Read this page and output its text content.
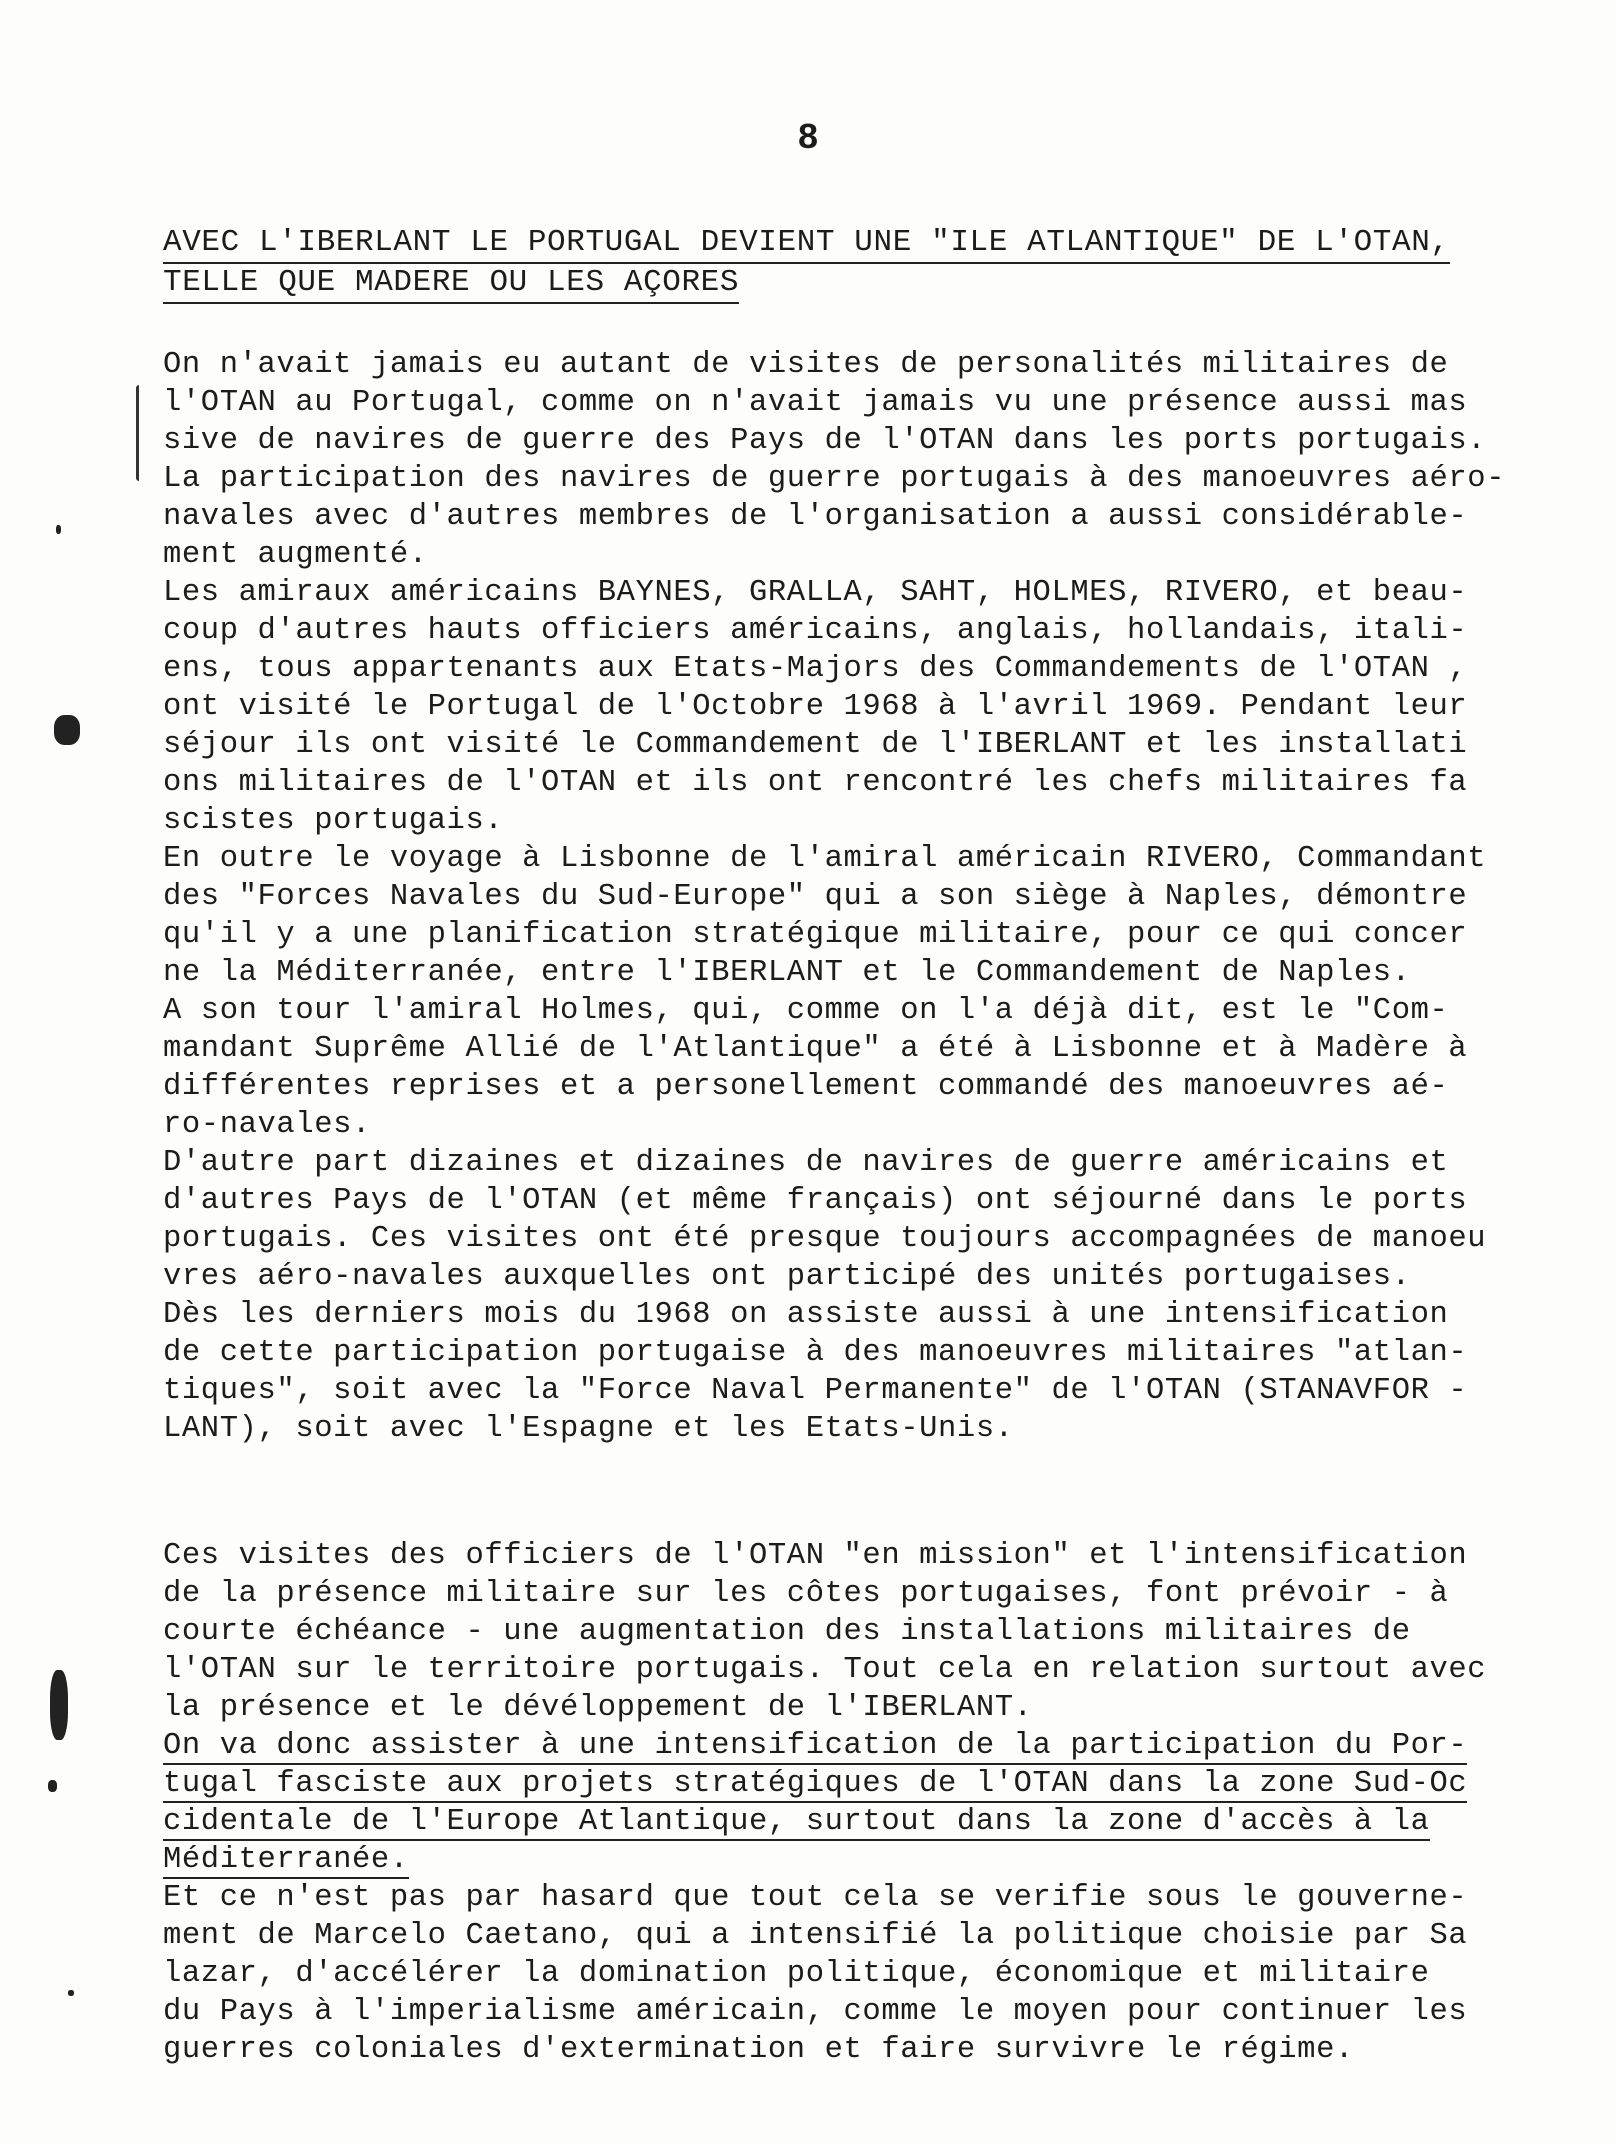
8
AVEC L'IBERLANT LE PORTUGAL DEVIENT UNE "ILE ATLANTIQUE" DE L'OTAN,
TELLE QUE MADERE OU LES AÇORES
On n'avait jamais eu autant de visites de personalités militaires de
l'OTAN au Portugal, comme on n'avait jamais vu une présence aussi mas
sive de navires de guerre des Pays de l'OTAN dans les ports portugais.
La participation des navires de guerre portugais à des manoeuvres aéro-
navales avec d'autres membres de l'organisation a aussi considérable-
ment augmenté.
Les amiraux américains BAYNES, GRALLA, SAHT, HOLMES, RIVERO, et beau-
coup d'autres hauts officiers américains, anglais, hollandais, itali-
ens, tous appartenants aux Etats-Majors des Commandements de l'OTAN ,
ont visité le Portugal de l'Octobre 1968 à l'avril 1969. Pendant leur
séjour ils ont visité le Commandement de l'IBERLANT et les installati
ons militaires de l'OTAN et ils ont rencontré les chefs militaires fa
scistes portugais.
En outre le voyage à Lisbonne de l'amiral américain RIVERO, Commandant
des "Forces Navales du Sud-Europe" qui a son siège à Naples, démontre
qu'il y a une planification stratégique militaire, pour ce qui concer
ne la Méditerranée, entre l'IBERLANT et le Commandement de Naples.
A son tour l'amiral Holmes, qui, comme on l'a déjà dit, est le "Com-
mandant Suprême Allié de l'Atlantique" a été à Lisbonne et à Madère à
différentes reprises et a personellement commandé des manoeuvres aé-
ro-navales.
D'autre part dizaines et dizaines de navires de guerre américains et
d'autres Pays de l'OTAN (et même français) ont séjourné dans le ports
portugais. Ces visites ont été presque toujours accompagnées de manoeu
vres aéro-navales auxquelles ont participé des unités portugaises.
Dès les derniers mois du 1968 on assiste aussi à une intensification
de cette participation portugaise à des manoeuvres militaires "atlan-
tiques", soit avec la "Force Naval Permanente" de l'OTAN (STANAVFOR -
LANT), soit avec l'Espagne et les Etats-Unis.
Ces visites des officiers de l'OTAN "en mission" et l'intensification
de la présence militaire sur les côtes portugaises, font prévoir - à
courte échéance - une augmentation des installations militaires de
l'OTAN sur le territoire portugais. Tout cela en relation surtout avec
la présence et le dévéloppement de l'IBERLANT.
On va donc assister à une intensification de la participation du Por-
tugal fasciste aux projets stratégiques de l'OTAN dans la zone Sud-Oc
cidentale de l'Europe Atlantique, surtout dans la zone d'accès à la
Méditerranée.
Et ce n'est pas par hasard que tout cela se verifie sous le gouverne-
ment de Marcelo Caetano, qui a intensifié la politique choisie par Sa
lazar, d'accélérer la domination politique, économique et militaire
du Pays à l'imperialisme américain, comme le moyen pour continuer les
guerres coloniales d'extermination et faire survivre le régime.
